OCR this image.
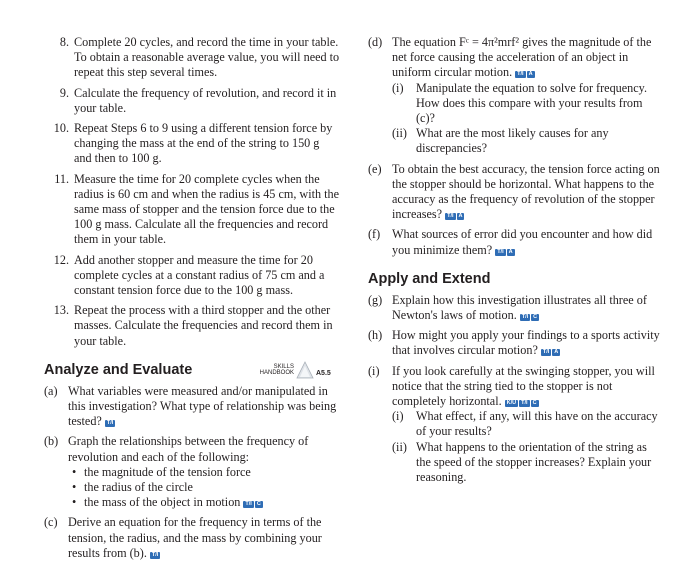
8. Complete 20 cycles, and record the time in your table. To obtain a reasonable average value, you will need to repeat this step several times.
9. Calculate the frequency of revolution, and record it in your table.
10. Repeat Steps 6 to 9 using a different tension force by changing the mass at the end of the string to 150 g and then to 100 g.
11. Measure the time for 20 complete cycles when the radius is 60 cm and when the radius is 45 cm, with the same mass of stopper and the tension force due to the 100 g mass. Calculate all the frequencies and record them in your table.
12. Add another stopper and measure the time for 20 complete cycles at a constant radius of 75 cm and a constant tension force due to the 100 g mass.
13. Repeat the process with a third stopper and the other masses. Calculate the frequencies and record them in your table.
Analyze and Evaluate	SKILLS
HANDBOOK	A5.5
(a) What variables were measured and/or manipulated in this investigation? What type of relationship was being tested? T/I
(b) Graph the relationships between the frequency of revolution and each of the following:
• the magnitude of the tension force
• the radius of the circle
• the mass of the object in motion T/I C
(c) Derive an equation for the frequency in terms of the tension, the radius, and the mass by combining your results from (b). T/I
(d) The equation Fᶜ = 4π²mrf² gives the magnitude of the net force causing the acceleration of an object in uniform circular motion. T/I A
(i) Manipulate the equation to solve for frequency. How does this compare with your results from (c)?
(ii) What are the most likely causes for any discrepancies?
(e) To obtain the best accuracy, the tension force acting on the stopper should be horizontal. What happens to the accuracy as the frequency of revolution of the stopper increases? T/I A
(f) What sources of error did you encounter and how did you minimize them? T/I A
Apply and Extend
(g) Explain how this investigation illustrates all three of Newton's laws of motion. T/I C
(h) How might you apply your findings to a sports activity that involves circular motion? T/I A
(i) If you look carefully at the swinging stopper, you will notice that the string tied to the stopper is not completely horizontal. K/U T/I C
(i) What effect, if any, will this have on the accuracy of your results?
(ii) What happens to the orientation of the string as the speed of the stopper increases? Explain your reasoning.
